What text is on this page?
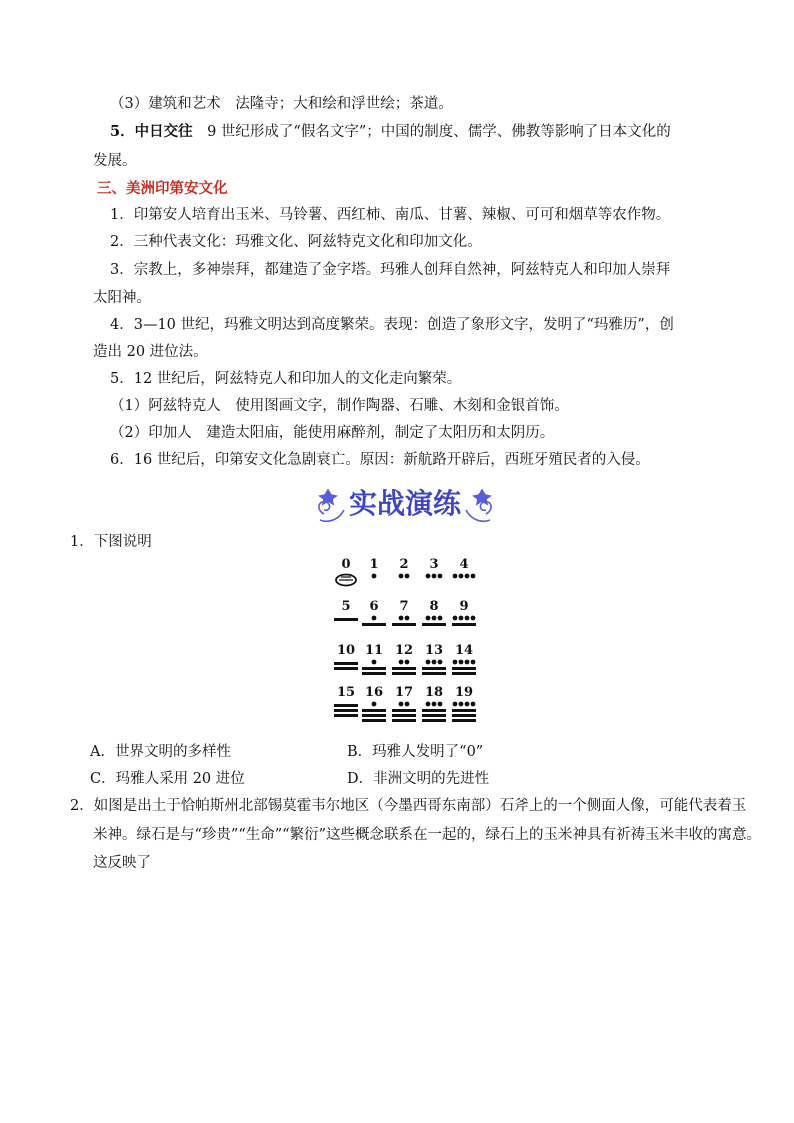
（3）建筑和艺术　法隆寺；大和绘和浮世绘；茶道。
5．中日交往　9 世纪形成了“假名文字”；中国的制度、儒学、佛教等影响了日本文化的
发展。
三、美洲印第安文化
1．印第安人培育出玉米、马铃薯、西红柿、南瓜、甘薯、辣椒、可可和烟草等农作物。
2．三种代表文化：玛雅文化、阿兹特克文化和印加文化。
3．宗教上，多神崇拜，都建造了金字塔。玛雅人创拜自然神，阿兹特克人和印加人崇拜
太阳神。
4．3—10 世纪，玛雅文明达到高度繁荣。表现：创造了象形文字，发明了“玛雅历”，创
造出 20 进位法。
5．12 世纪后，阿兹特克人和印加人的文化走向繁荣。
（1）阿兹特克人　使用图画文字，制作陶器、石雕、木刻和金银首饰。
（2）印加人　建造太阳庙，能使用麻醉剂，制定了太阳历和太阴历。
6．16 世纪后，印第安文化急剧衰亡。原因：新航路开辟后，西班牙殖民者的入侵。
实战演练
1．下图说明
0 1 2 3 4
5 6 7 8 9
10 11 12 13 14
15 16 17 18 19
A．世界文明的多样性	B．玛雅人发明了“0”
C．玛雅人采用 20 进位	D．非洲文明的先进性
2．如图是出土于恰帕斯州北部锡莫霍韦尔地区（今墨西哥东南部）石斧上的一个侧面人像，可能代表着玉
米神。绿石是与“珍贵”“生命”“繁衍”这些概念联系在一起的，绿石上的玉米神具有祈祷玉米丰收的寓意。
这反映了
